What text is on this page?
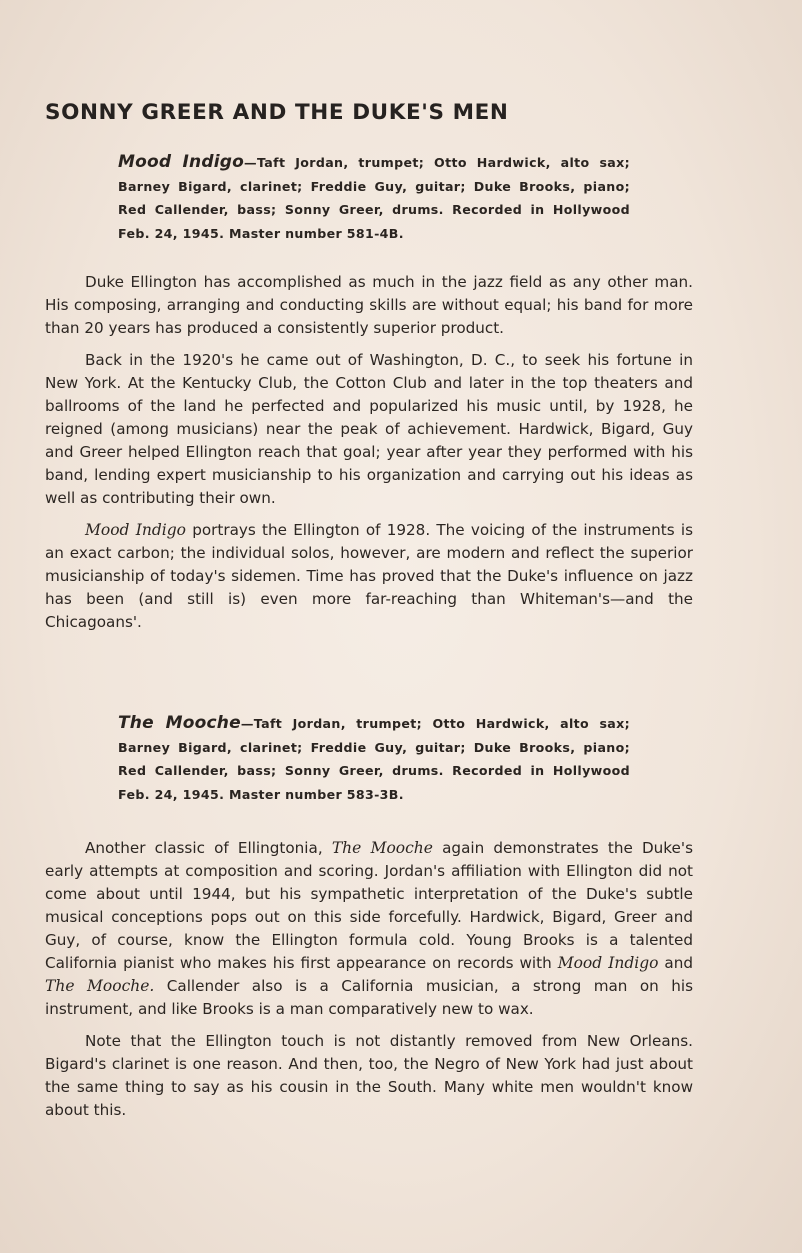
SONNY GREER AND THE DUKE'S MEN
Mood Indigo—Taft Jordan, trumpet; Otto Hardwick, alto sax; Barney Bigard, clarinet; Freddie Guy, guitar; Duke Brooks, piano; Red Callender, bass; Sonny Greer, drums. Recorded in Hollywood Feb. 24, 1945. Master number 581-4B.

Duke Ellington has accomplished as much in the jazz field as any other man. His composing, arranging and conducting skills are without equal; his band for more than 20 years has produced a consistently superior product.

Back in the 1920's he came out of Washington, D. C., to seek his fortune in New York. At the Kentucky Club, the Cotton Club and later in the top theaters and ballrooms of the land he perfected and popularized his music until, by 1928, he reigned (among musicians) near the peak of achievement. Hardwick, Bigard, Guy and Greer helped Ellington reach that goal; year after year they performed with his band, lending expert musicianship to his organization and carrying out his ideas as well as contributing their own.

Mood Indigo portrays the Ellington of 1928. The voicing of the instruments is an exact carbon; the individual solos, however, are modern and reflect the superior musicianship of today's sidemen. Time has proved that the Duke's influence on jazz has been (and still is) even more far-reaching than Whiteman's—and the Chicagoans'.

The Mooche—Taft Jordan, trumpet; Otto Hardwick, alto sax; Barney Bigard, clarinet; Freddie Guy, guitar; Duke Brooks, piano; Red Callender, bass; Sonny Greer, drums. Recorded in Hollywood Feb. 24, 1945. Master number 583-3B.

Another classic of Ellingtonia, The Mooche again demonstrates the Duke's early attempts at composition and scoring. Jordan's affiliation with Ellington did not come about until 1944, but his sympathetic interpretation of the Duke's subtle musical conceptions pops out on this side forcefully. Hardwick, Bigard, Greer and Guy, of course, know the Ellington formula cold. Young Brooks is a talented California pianist who makes his first appearance on records with Mood Indigo and The Mooche. Callender also is a California musician, a strong man on his instrument, and like Brooks is a man comparatively new to wax.

Note that the Ellington touch is not distantly removed from New Orleans. Bigard's clarinet is one reason. And then, too, the Negro of New York had just about the same thing to say as his cousin in the South. Many white men wouldn't know about this.
